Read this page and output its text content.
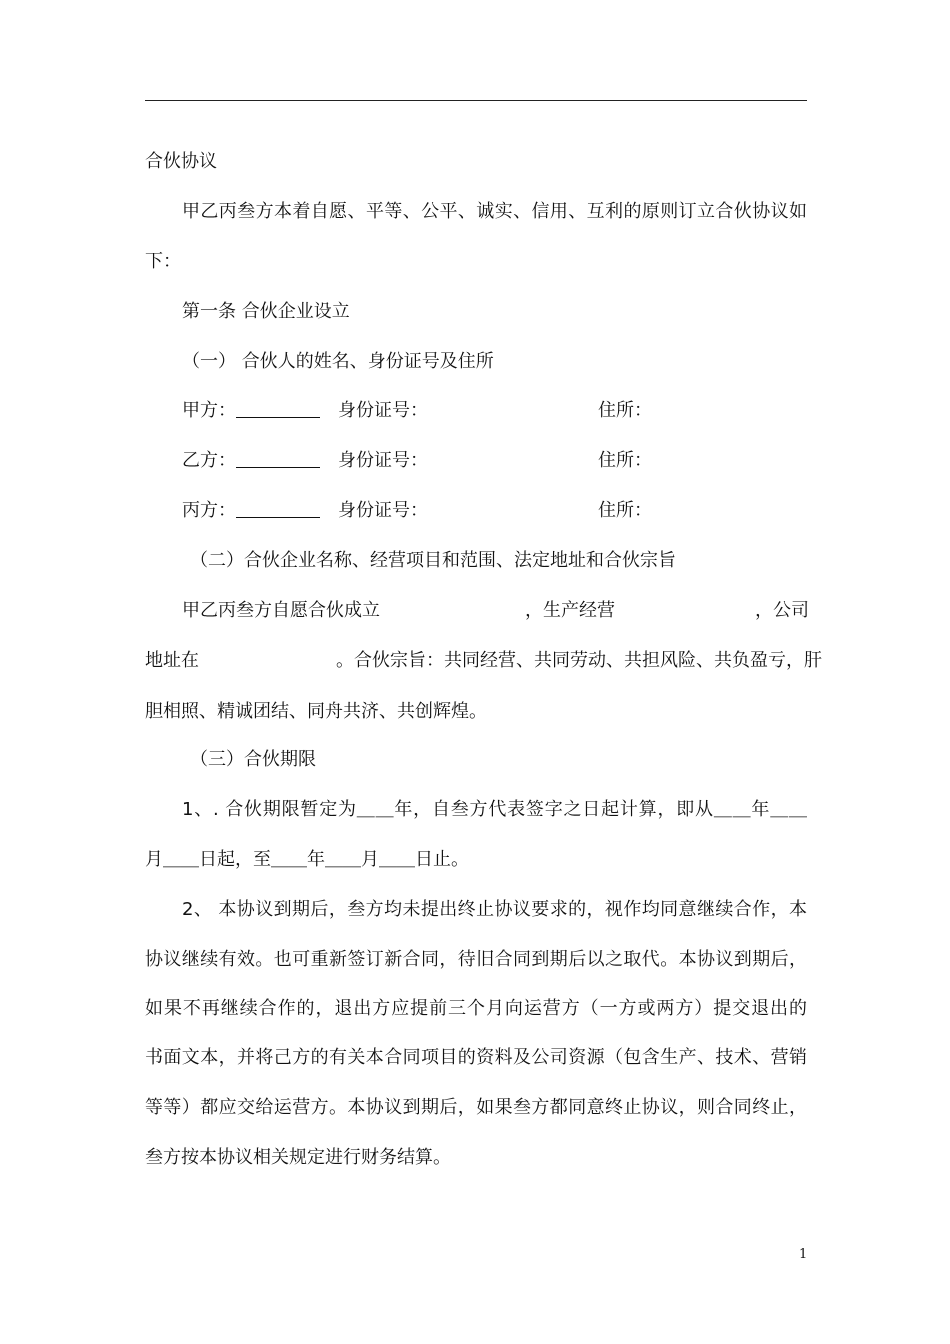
合伙协议
甲乙丙叁方本着自愿、平等、公平、诚实、信用、互利的原则订立合伙协议如
下：
第一条 合伙企业设立
（一） 合伙人的姓名、身份证号及住所
甲方：	身份证号：	住所：
乙方：	身份证号：	住所：
丙方：	身份证号：	住所：
（二）合伙企业名称、经营项目和范围、法定地址和合伙宗旨
甲乙丙叁方自愿合伙成立	，生产经营	，公司
地址在	。合伙宗旨：共同经营、共同劳动、共担风险、共负盈亏，肝
胆相照、精诚团结、同舟共济、共创辉煌。
（三）合伙期限
1、. 合伙期限暂定为＿＿年，自叁方代表签字之日起计算，即从＿＿年＿＿
月＿＿日起，至＿＿年＿＿月＿＿日止。
2、 本协议到期后，叁方均未提出终止协议要求的，视作均同意继续合作，本
协议继续有效。也可重新签订新合同，待旧合同到期后以之取代。本协议到期后，
如果不再继续合作的，退出方应提前三个月向运营方（一方或两方）提交退出的
书面文本，并将己方的有关本合同项目的资料及公司资源（包含生产、技术、营销
等等）都应交给运营方。本协议到期后，如果叁方都同意终止协议，则合同终止，
叁方按本协议相关规定进行财务结算。
1
